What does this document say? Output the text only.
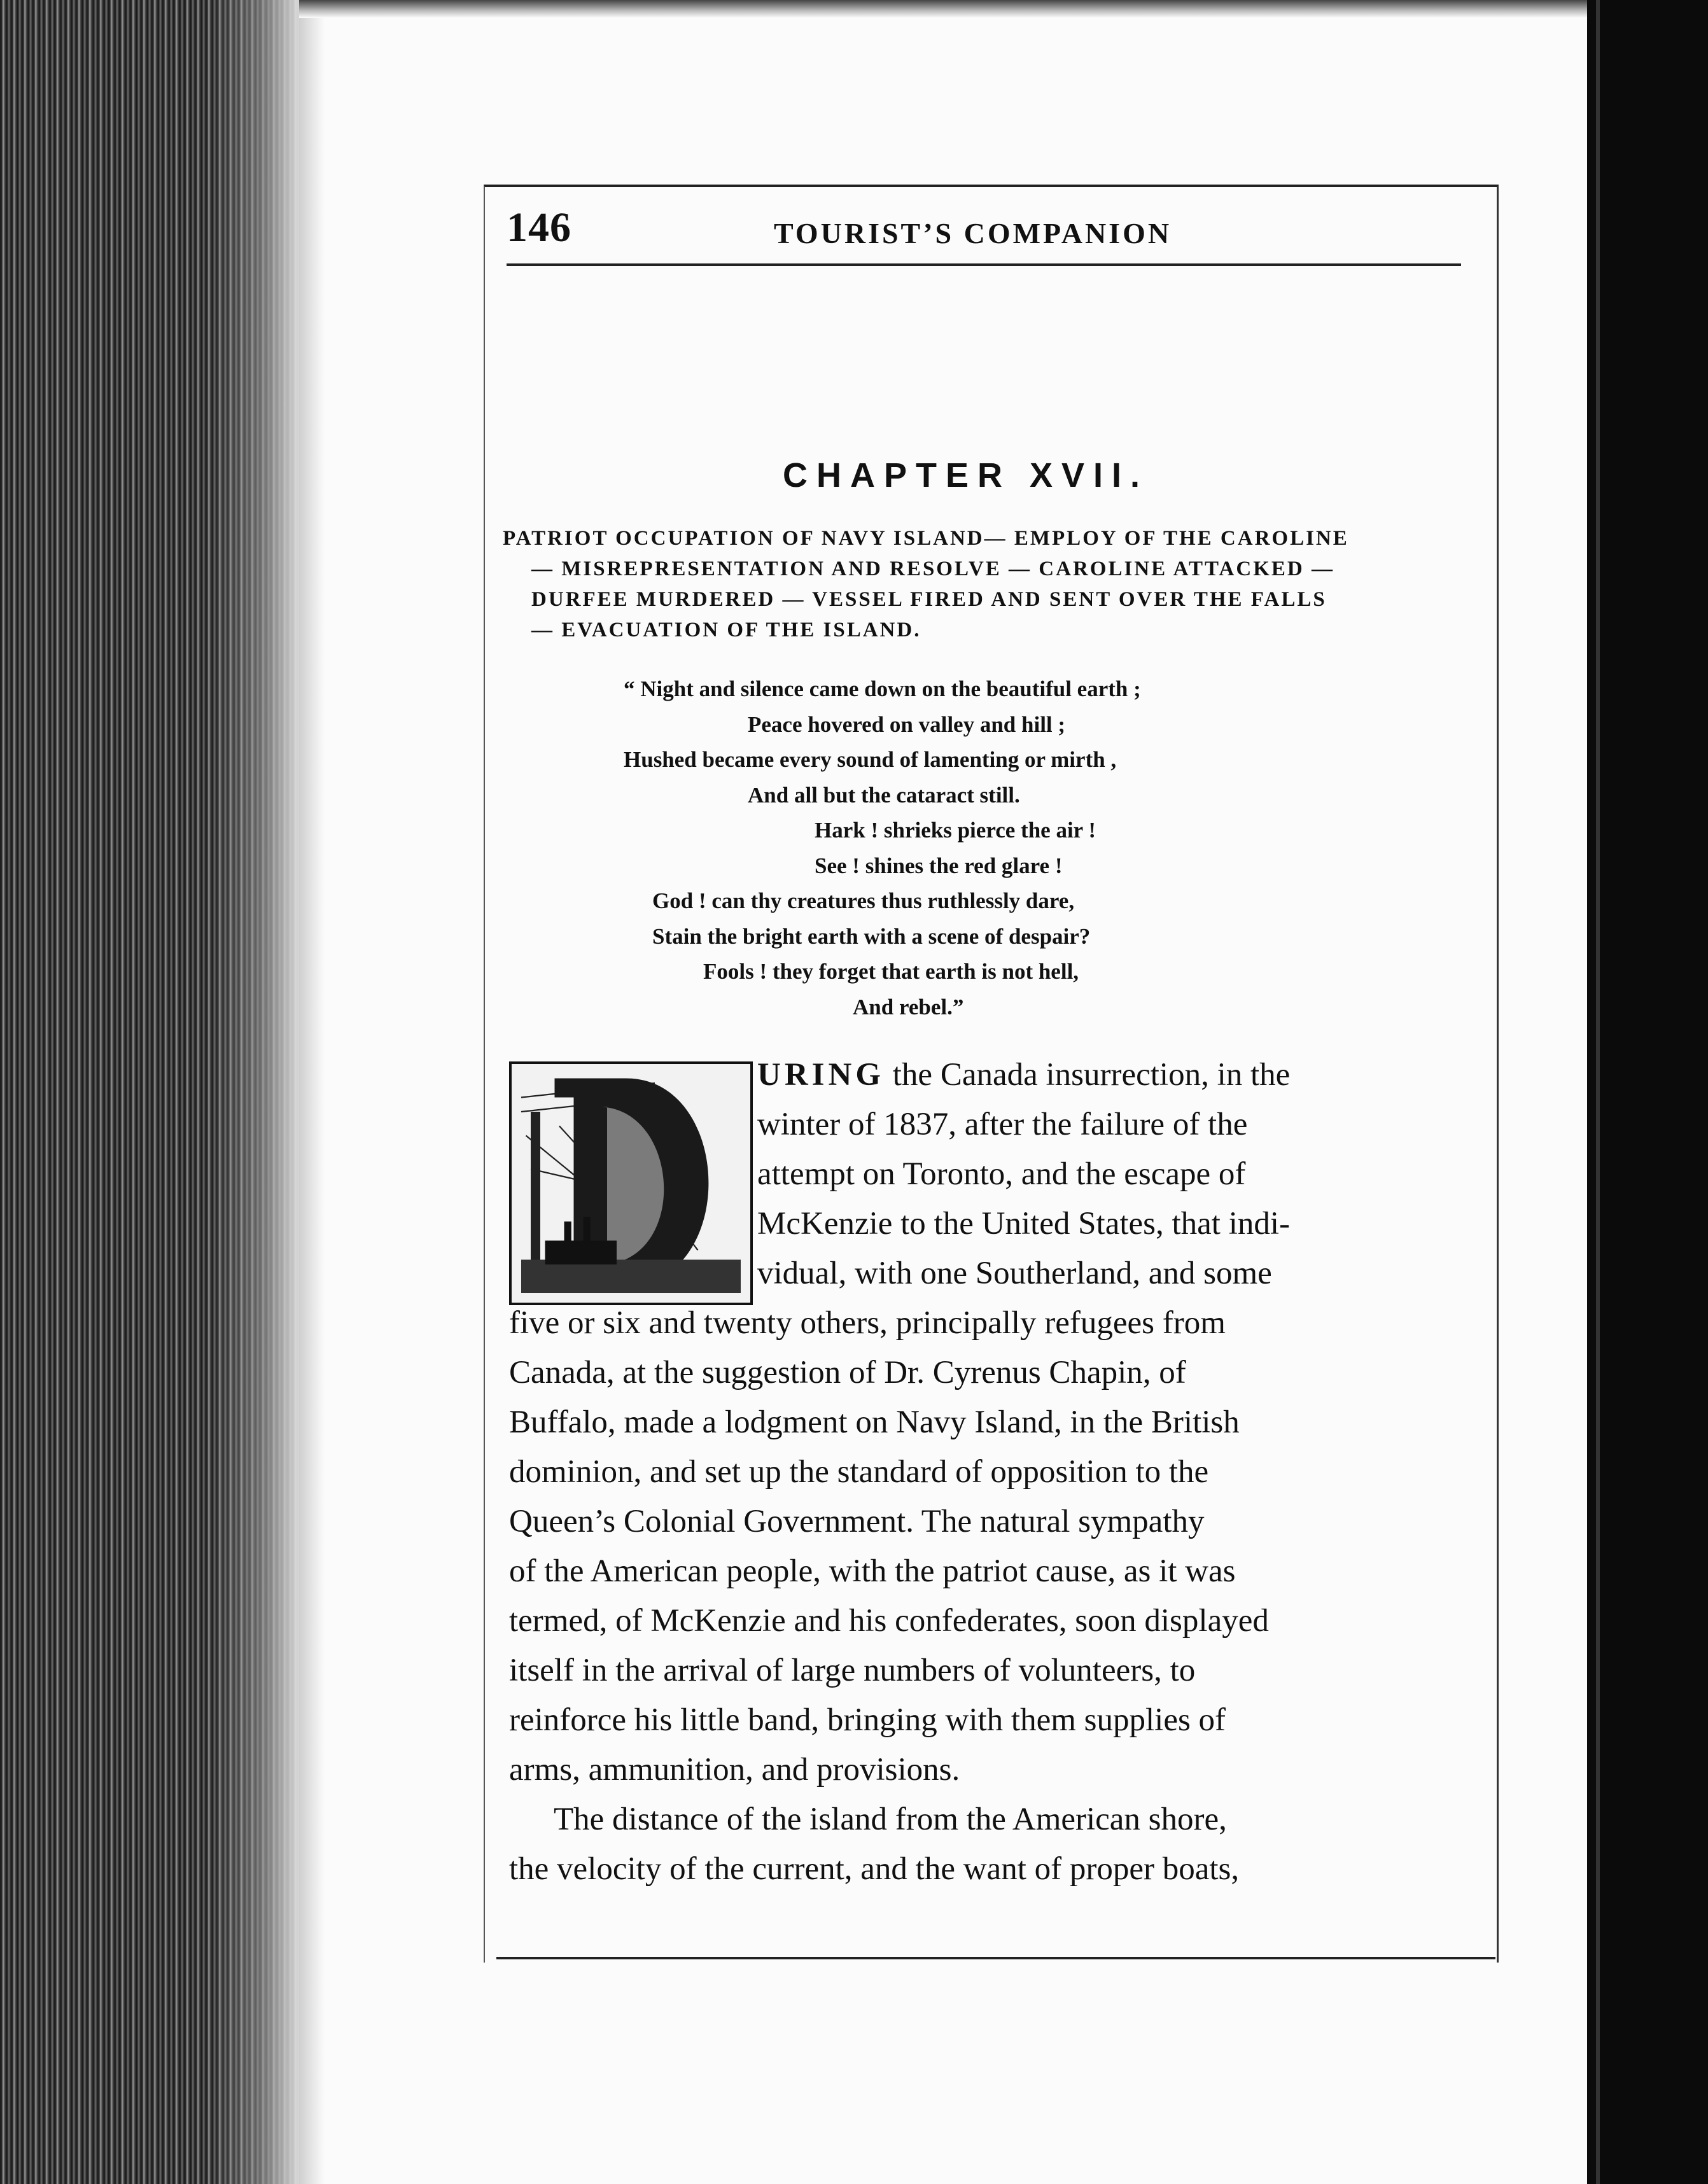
146	TOURIST’S COMPANION
CHAPTER XVII.
PATRIOT OCCUPATION OF NAVY ISLAND— EMPLOY OF THE CAROLINE
— MISREPRESENTATION AND RESOLVE — CAROLINE ATTACKED —
DURFEE MURDERED — VESSEL FIRED AND SENT OVER THE FALLS
— EVACUATION OF THE ISLAND.
“ Night and silence came down on the beautiful earth ;
Peace hovered on valley and hill ;
Hushed became every sound of lamenting or mirth ,
And all but the cataract still.
Hark ! shrieks pierce the air !
See ! shines the red glare !
God ! can thy creatures thus ruthlessly dare,
Stain the bright earth with a scene of despair?
Fools ! they forget that earth is not hell,
And rebel.”
URING the Canada insurrection, in the
winter of 1837, after the failure of the
attempt on Toronto, and the escape of
McKenzie to the United States, that indi-
vidual, with one Southerland, and some
five or six and twenty others, principally refugees from
Canada, at the suggestion of Dr. Cyrenus Chapin, of
Buffalo, made a lodgment on Navy Island, in the British
dominion, and set up the standard of opposition to the
Queen’s Colonial Government. The natural sympathy
of the American people, with the patriot cause, as it was
termed, of McKenzie and his confederates, soon displayed
itself in the arrival of large numbers of volunteers, to
reinforce his little band, bringing with them supplies of
arms, ammunition, and provisions.
The distance of the island from the American shore,
the velocity of the current, and the want of proper boats,
